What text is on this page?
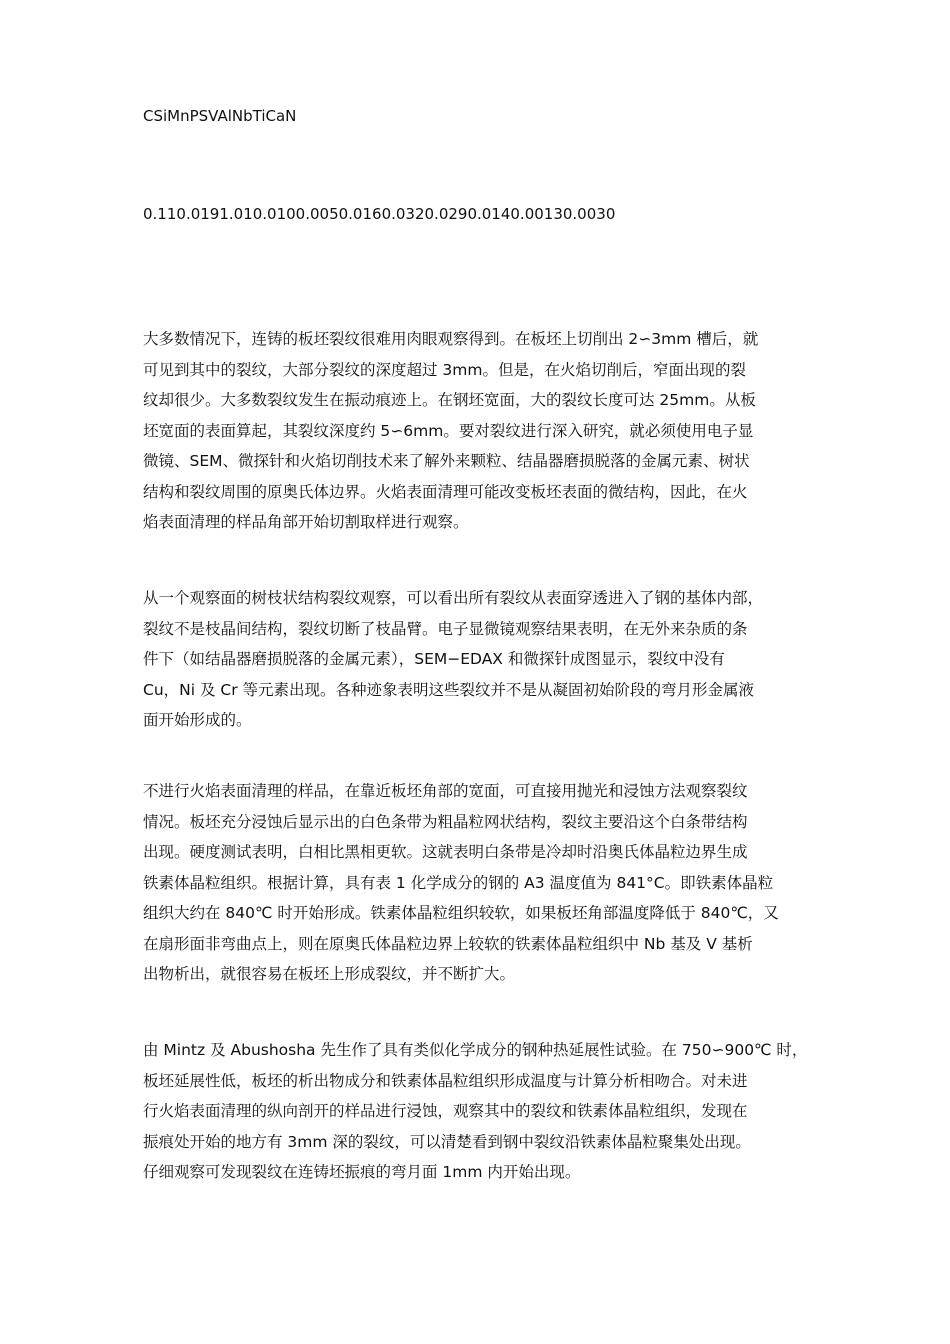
CSiMnPSVAlNbTiCaN
0.110.0191.010.0100.0050.0160.0320.0290.0140.00130.0030
大多数情况下，连铸的板坯裂纹很难用肉眼观察得到。在板坯上切削出 2∽3mm 槽后，就
可见到其中的裂纹，大部分裂纹的深度超过 3mm。但是，在火焰切削后，窄面出现的裂
纹却很少。大多数裂纹发生在振动痕迹上。在钢坯宽面，大的裂纹长度可达 25mm。从板
坯宽面的表面算起，其裂纹深度约 5∽6mm。要对裂纹进行深入研究，就必须使用电子显
微镜、SEM、微探针和火焰切削技术来了解外来颗粒、结晶器磨损脱落的金属元素、树状
结构和裂纹周围的原奥氏体边界。火焰表面清理可能改变板坯表面的微结构，因此，在火
焰表面清理的样品角部开始切割取样进行观察。
从一个观察面的树枝状结构裂纹观察，可以看出所有裂纹从表面穿透进入了钢的基体内部，
裂纹不是枝晶间结构，裂纹切断了枝晶臂。电子显微镜观察结果表明，在无外来杂质的条
件下（如结晶器磨损脱落的金属元素），SEM−EDAX 和微探针成图显示，裂纹中没有
Cu，Ni 及 Cr 等元素出现。各种迹象表明这些裂纹并不是从凝固初始阶段的弯月形金属液
面开始形成的。
不进行火焰表面清理的样品，在靠近板坯角部的宽面，可直接用抛光和浸蚀方法观察裂纹
情况。板坯充分浸蚀后显示出的白色条带为粗晶粒网状结构，裂纹主要沿这个白条带结构
出现。硬度测试表明，白相比黑相更软。这就表明白条带是冷却时沿奥氏体晶粒边界生成
铁素体晶粒组织。根据计算，具有表 1 化学成分的钢的 A3 温度值为 841°C。即铁素体晶粒
组织大约在 840℃ 时开始形成。铁素体晶粒组织较软，如果板坯角部温度降低于 840℃，又
在扇形面非弯曲点上，则在原奥氏体晶粒边界上较软的铁素体晶粒组织中 Nb 基及 V 基析
出物析出，就很容易在板坯上形成裂纹，并不断扩大。
由 Mintz 及 Abushosha 先生作了具有类似化学成分的钢种热延展性试验。在 750∽900℃ 时，
板坯延展性低，板坯的析出物成分和铁素体晶粒组织形成温度与计算分析相吻合。对未进
行火焰表面清理的纵向剖开的样品进行浸蚀，观察其中的裂纹和铁素体晶粒组织，发现在
振痕处开始的地方有 3mm 深的裂纹，可以清楚看到钢中裂纹沿铁素体晶粒聚集处出现。
仔细观察可发现裂纹在连铸坯振痕的弯月面 1mm 内开始出现。
